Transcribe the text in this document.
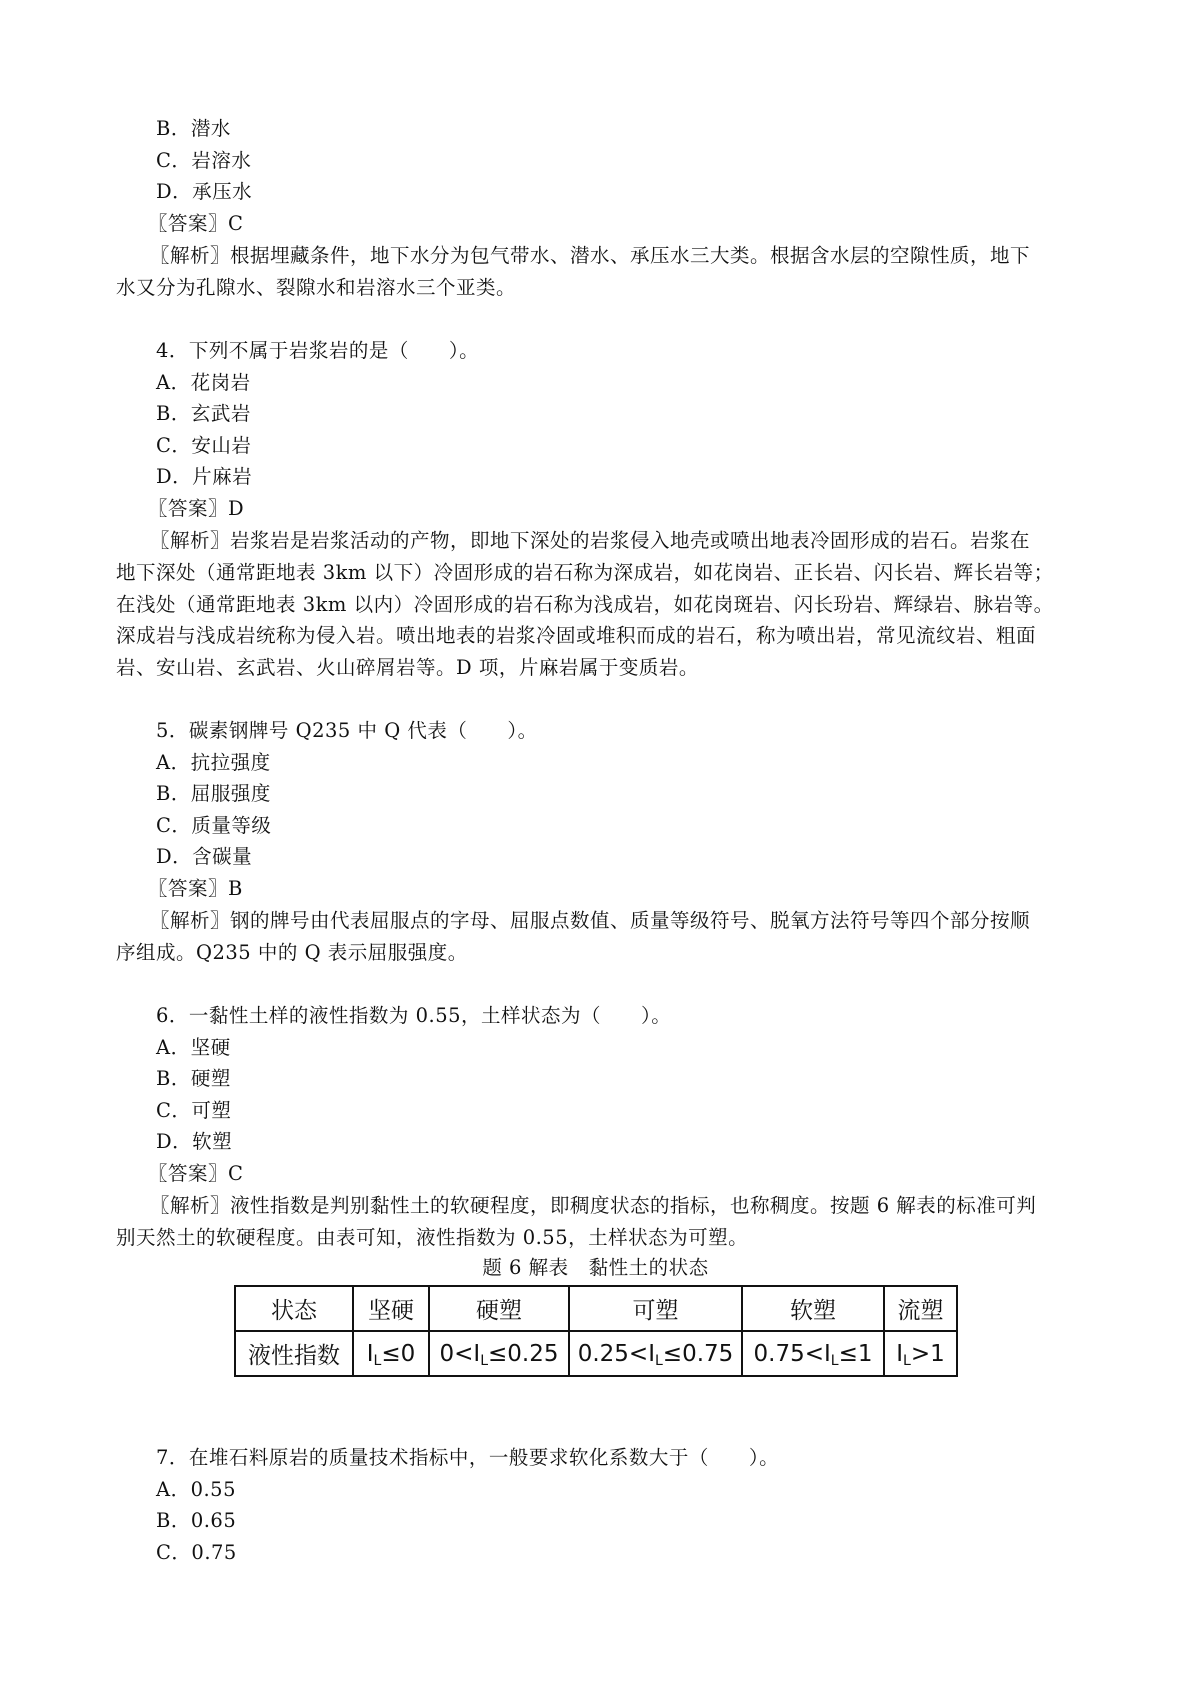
B．潜水
C．岩溶水
D．承压水
〖答案〗C
〖解析〗根据埋藏条件，地下水分为包气带水、潜水、承压水三大类。根据含水层的空隙性质，地下
水又分为孔隙水、裂隙水和岩溶水三个亚类。
4．下列不属于岩浆岩的是（　　）。
A．花岗岩
B．玄武岩
C．安山岩
D．片麻岩
〖答案〗D
〖解析〗岩浆岩是岩浆活动的产物，即地下深处的岩浆侵入地壳或喷出地表冷固形成的岩石。岩浆在
地下深处（通常距地表 3km 以下）冷固形成的岩石称为深成岩，如花岗岩、正长岩、闪长岩、辉长岩等；
在浅处（通常距地表 3km 以内）冷固形成的岩石称为浅成岩，如花岗斑岩、闪长玢岩、辉绿岩、脉岩等。
深成岩与浅成岩统称为侵入岩。喷出地表的岩浆冷固或堆积而成的岩石，称为喷出岩，常见流纹岩、粗面
岩、安山岩、玄武岩、火山碎屑岩等。D 项，片麻岩属于变质岩。
5．碳素钢牌号 Q235 中 Q 代表（　　）。
A．抗拉强度
B．屈服强度
C．质量等级
D．含碳量
〖答案〗B
〖解析〗钢的牌号由代表屈服点的字母、屈服点数值、质量等级符号、脱氧方法符号等四个部分按顺
序组成。Q235 中的 Q 表示屈服强度。
6．一黏性土样的液性指数为 0.55，土样状态为（　　）。
A．坚硬
B．硬塑
C．可塑
D．软塑
〖答案〗C
〖解析〗液性指数是判别黏性土的软硬程度，即稠度状态的指标，也称稠度。按题 6 解表的标准可判
别天然土的软硬程度。由表可知，液性指数为 0.55，土样状态为可塑。
题 6 解表　黏性土的状态
状态	坚硬	硬塑	可塑	软塑	流塑
液性指数	IL≤0	0<IL≤0.25	0.25<IL≤0.75	0.75<IL≤1	IL>1
7．在堆石料原岩的质量技术指标中，一般要求软化系数大于（　　）。
A．0.55
B．0.65
C．0.75
